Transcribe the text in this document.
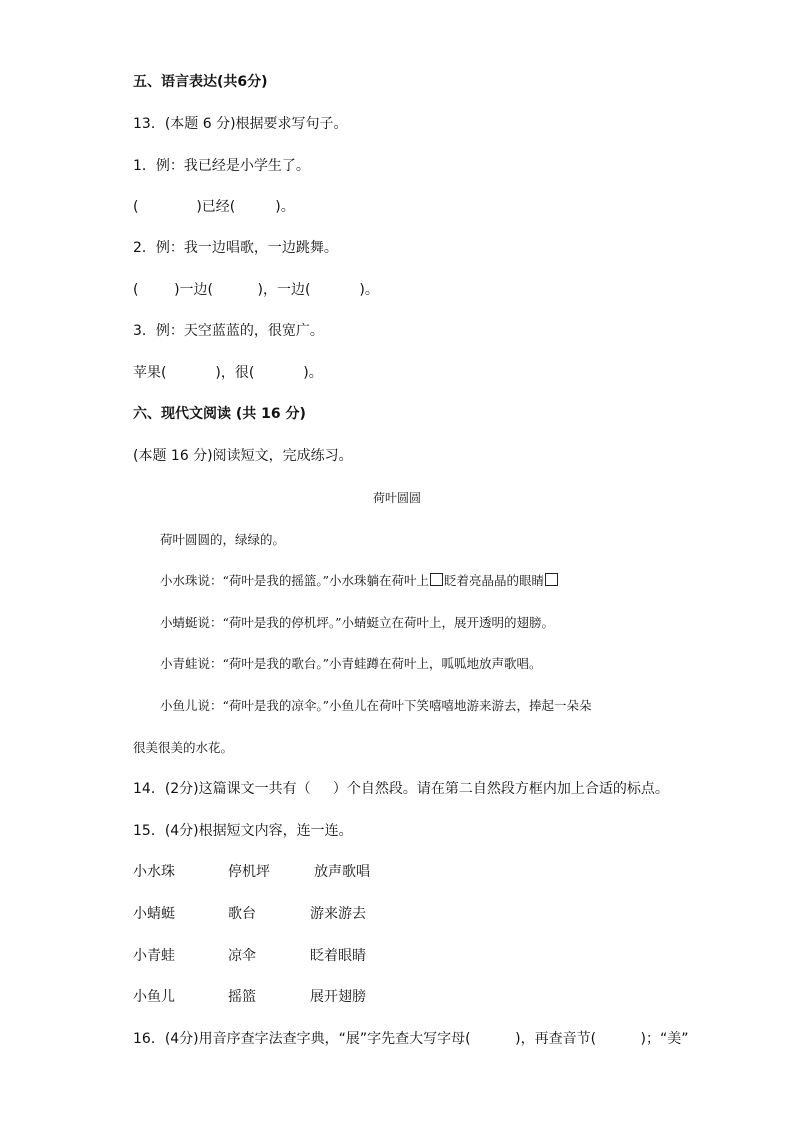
五、语言表达(共6分)
13．(本题 6 分)根据要求写句子。
1．例：我已经是小学生了。
(             )已经(         )。
2．例：我一边唱歌，一边跳舞。
(        )一边(          )，一边(           )。
3．例：天空蓝蓝的，很宽广。
苹果(           )，很(           )。
六、现代文阅读 (共 16 分)
(本题 16 分)阅读短文，完成练习。
荷叶圆圆
荷叶圆圆的，绿绿的。
小水珠说：“荷叶是我的摇篮。”小水珠躺在荷叶上 眨着亮晶晶的眼睛
小蜻蜓说：“荷叶是我的停机坪。”小蜻蜓立在荷叶上，展开透明的翅膀。
小青蛙说：“荷叶是我的歌台。”小青蛙蹲在荷叶上，呱呱地放声歌唱。
小鱼儿说：“荷叶是我的凉伞。”小鱼儿在荷叶下笑嘻嘻地游来游去，捧起一朵朵
很美很美的水花。
14．(2分)这篇课文一共有（     ）个自然段。请在第二自然段方框内加上合适的标点。
15．(4分)根据短文内容，连一连。
小水珠	停机坪	放声歌唱
小蜻蜓	歌台	游来游去
小青蛙	凉伞	眨着眼睛
小鱼儿	摇篮	展开翅膀
16．(4分)用音序查字法查字典，“展”字先查大写字母(          )，再查音节(          )；“美”
